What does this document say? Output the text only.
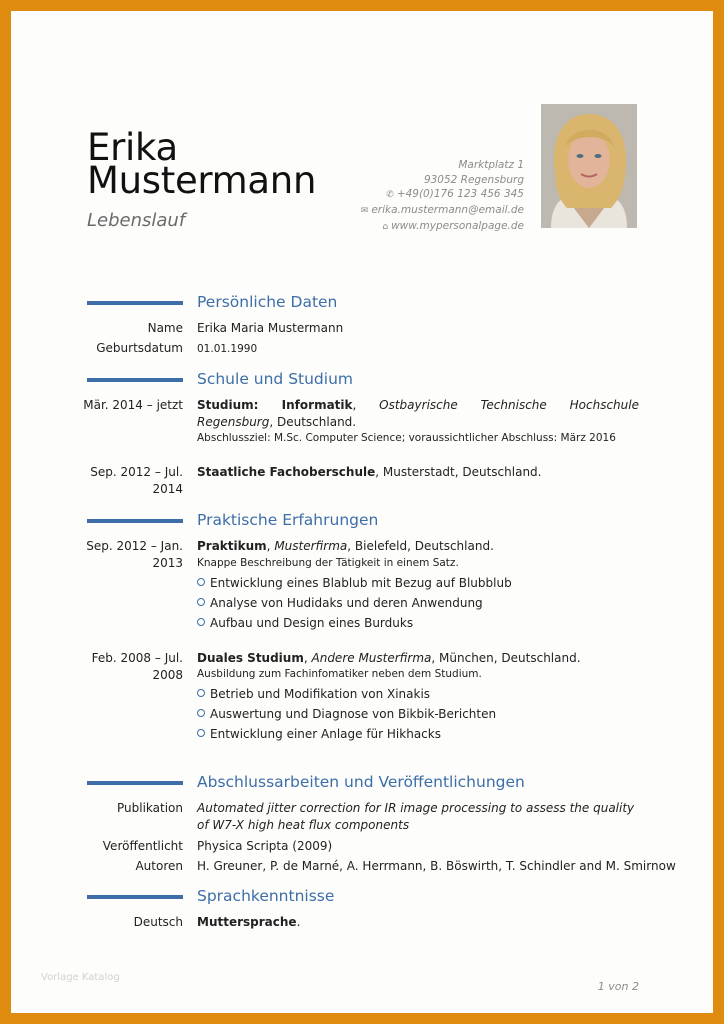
Erika
Mustermann
Lebenslauf
Marktplatz 1
93052 Regensburg
✆ +49(0)176 123 456 345
✉ erika.mustermann@email.de
⌂ www.mypersonalpage.de
Persönliche Daten
Name Erika Maria Mustermann
Geburtsdatum 01.01.1990
Schule und Studium
Mär. 2014 – jetzt Studium: Informatik, Ostbayrische Technische Hochschule Regensburg, Deutschland.
Abschlussziel: M.Sc. Computer Science; voraussichtlicher Abschluss: März 2016
Sep. 2012 – Jul.
2014
Staatliche Fachoberschule, Musterstadt, Deutschland.
Praktische Erfahrungen
Sep. 2012 – Jan.
2013
Praktikum, Musterfirma, Bielefeld, Deutschland.
Knappe Beschreibung der Tätigkeit in einem Satz.
Entwicklung eines Blablub mit Bezug auf Blubblub
Analyse von Hudidaks und deren Anwendung
Aufbau und Design eines Burduks
Feb. 2008 – Jul.
2008
Duales Studium, Andere Musterfirma, München, Deutschland.
Ausbildung zum Fachinfomatiker neben dem Studium.
Betrieb und Modifikation von Xinakis
Auswertung und Diagnose von Bikbik-Berichten
Entwicklung einer Anlage für Hikhacks
Abschlussarbeiten und Veröffentlichungen
Publikation Automated jitter correction for IR image processing to assess the quality of W7-X high heat flux components
Veröffentlicht Physica Scripta (2009)
Autoren H. Greuner, P. de Marné, A. Herrmann, B. Böswirth, T. Schindler and M. Smirnow
Sprachkenntnisse
Deutsch Muttersprache.
Vorlage Katalog
1 von 2
